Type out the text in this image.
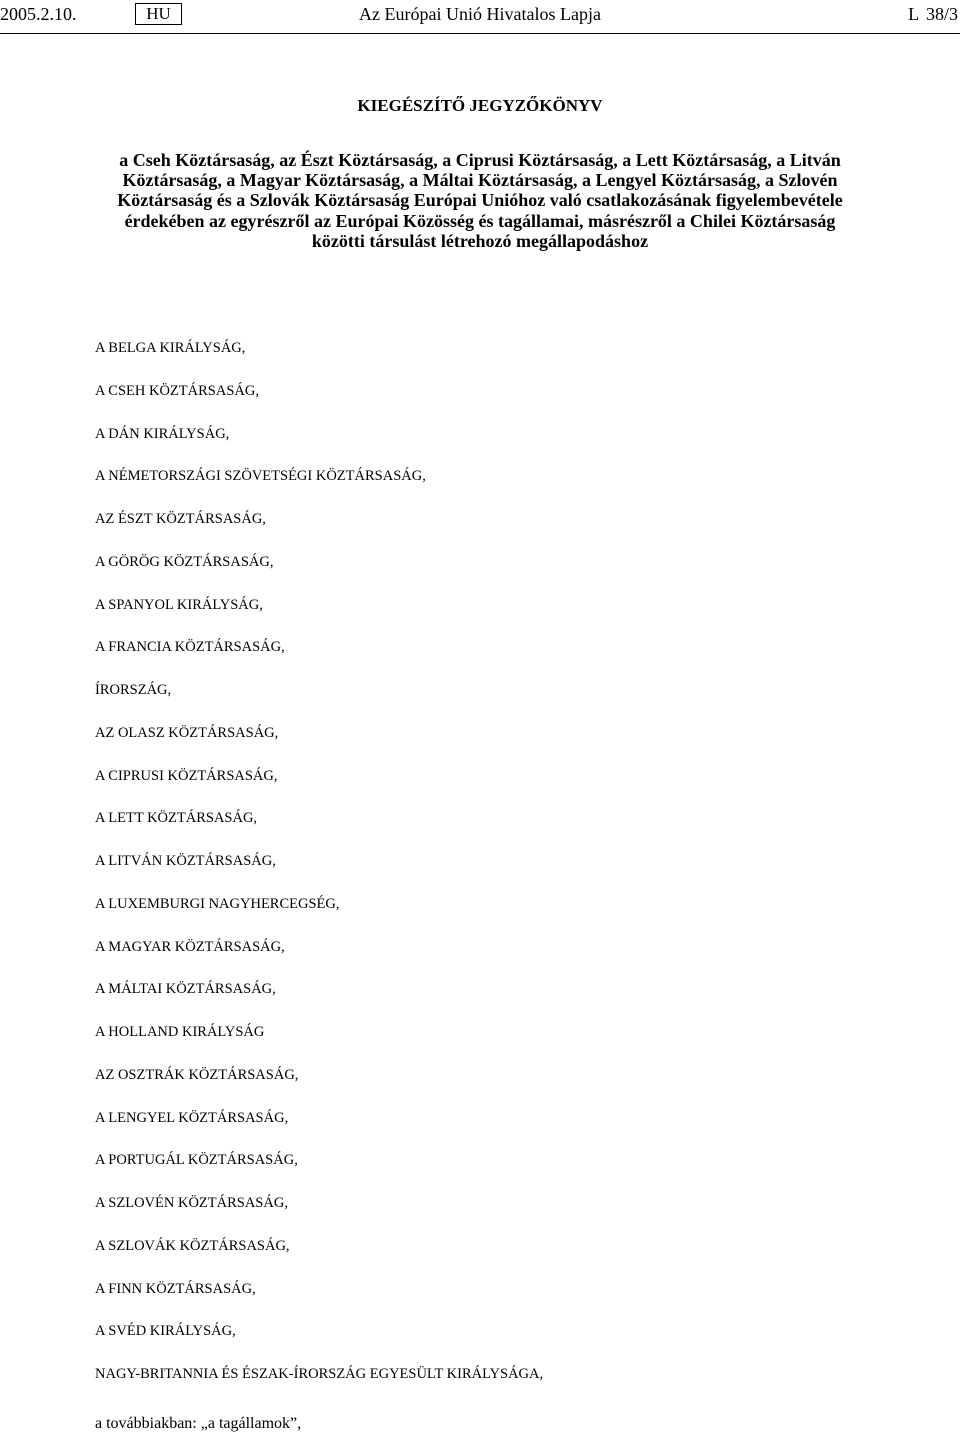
2005.2.10.	HU	Az Európai Unió Hivatalos Lapja	L 38/3
KIEGÉSZÍTŐ JEGYZŐKÖNYV
a Cseh Köztársaság, az Észt Köztársaság, a Ciprusi Köztársaság, a Lett Köztársaság, a Litván
Köztársaság, a Magyar Köztársaság, a Máltai Köztársaság, a Lengyel Köztársaság, a Szlovén
Köztársaság és a Szlovák Köztársaság Európai Unióhoz való csatlakozásának figyelembevétele
érdekében az egyrészről az Európai Közösség és tagállamai, másrészről a Chilei Köztársaság
közötti társulást létrehozó megállapodáshoz
A BELGA KIRÁLYSÁG,
A CSEH KÖZTÁRSASÁG,
A DÁN KIRÁLYSÁG,
A NÉMETORSZÁGI SZÖVETSÉGI KÖZTÁRSASÁG,
AZ ÉSZT KÖZTÁRSASÁG,
A GÖRÖG KÖZTÁRSASÁG,
A SPANYOL KIRÁLYSÁG,
A FRANCIA KÖZTÁRSASÁG,
ÍRORSZÁG,
AZ OLASZ KÖZTÁRSASÁG,
A CIPRUSI KÖZTÁRSASÁG,
A LETT KÖZTÁRSASÁG,
A LITVÁN KÖZTÁRSASÁG,
A LUXEMBURGI NAGYHERCEGSÉG,
A MAGYAR KÖZTÁRSASÁG,
A MÁLTAI KÖZTÁRSASÁG,
A HOLLAND KIRÁLYSÁG
AZ OSZTRÁK KÖZTÁRSASÁG,
A LENGYEL KÖZTÁRSASÁG,
A PORTUGÁL KÖZTÁRSASÁG,
A SZLOVÉN KÖZTÁRSASÁG,
A SZLOVÁK KÖZTÁRSASÁG,
A FINN KÖZTÁRSASÁG,
A SVÉD KIRÁLYSÁG,
NAGY-BRITANNIA ÉS ÉSZAK-ÍRORSZÁG EGYESÜLT KIRÁLYSÁGA,
a továbbiakban: „a tagállamok”,
